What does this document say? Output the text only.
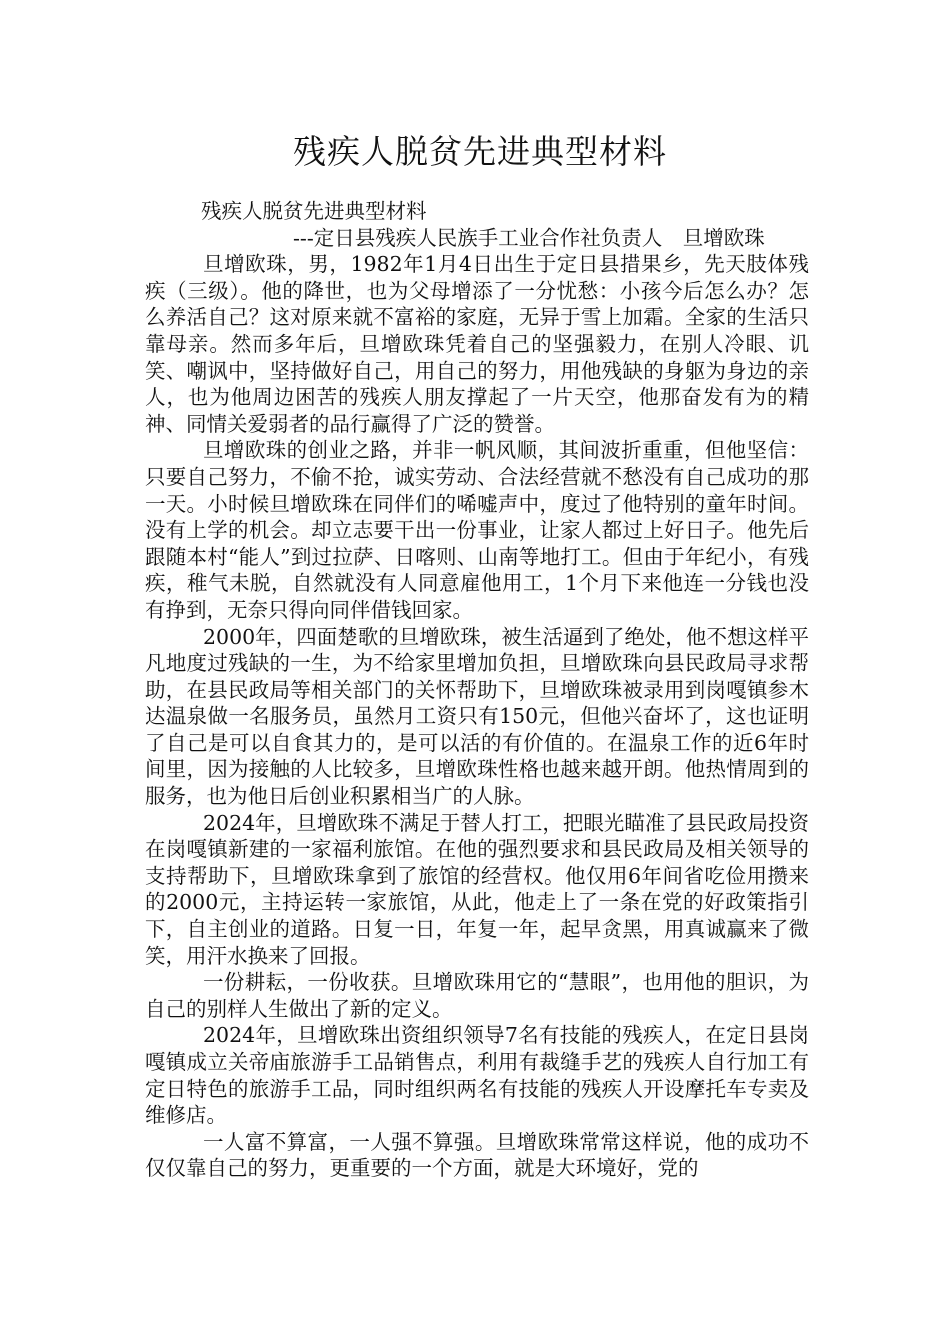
残疾人脱贫先进典型材料

残疾人脱贫先进典型材料

---定日县残疾人民族手工业合作社负责人　旦增欧珠

旦增欧珠，男，1982年1月4日出生于定日县措果乡，先天肢体残疾（三级）。他的降世，也为父母增添了一分忧愁：小孩今后怎么办？怎么养活自己？这对原来就不富裕的家庭，无异于雪上加霜。全家的生活只靠母亲。然而多年后，旦增欧珠凭着自己的坚强毅力，在别人冷眼、讥笑、嘲讽中，坚持做好自己，用自己的努力，用他残缺的身躯为身边的亲人，也为他周边困苦的残疾人朋友撑起了一片天空，他那奋发有为的精神、同情关爱弱者的品行赢得了广泛的赞誉。

旦增欧珠的创业之路，并非一帆风顺，其间波折重重，但他坚信：只要自己努力，不偷不抢，诚实劳动、合法经营就不愁没有自己成功的那一天。小时候旦增欧珠在同伴们的唏嘘声中，度过了他特别的童年时间。没有上学的机会。却立志要干出一份事业，让家人都过上好日子。他先后跟随本村“能人”到过拉萨、日喀则、山南等地打工。但由于年纪小，有残疾，稚气未脱，自然就没有人同意雇他用工，1个月下来他连一分钱也没有挣到，无奈只得向同伴借钱回家。

2000年，四面楚歌的旦增欧珠，被生活逼到了绝处，他不想这样平凡地度过残缺的一生，为不给家里增加负担，旦增欧珠向县民政局寻求帮助，在县民政局等相关部门的关怀帮助下，旦增欧珠被录用到岗嘎镇参木达温泉做一名服务员，虽然月工资只有150元，但他兴奋坏了，这也证明了自己是可以自食其力的，是可以活的有价值的。在温泉工作的近6年时间里，因为接触的人比较多，旦增欧珠性格也越来越开朗。他热情周到的服务，也为他日后创业积累相当广的人脉。

2024年，旦增欧珠不满足于替人打工，把眼光瞄准了县民政局投资在岗嘎镇新建的一家福利旅馆。在他的强烈要求和县民政局及相关领导的支持帮助下，旦增欧珠拿到了旅馆的经营权。他仅用6年间省吃俭用攒来的2000元，主持运转一家旅馆，从此，他走上了一条在党的好政策指引下，自主创业的道路。日复一日，年复一年，起早贪黑，用真诚赢来了微笑，用汗水换来了回报。

一份耕耘，一份收获。旦增欧珠用它的“慧眼”，也用他的胆识，为自己的别样人生做出了新的定义。

2024年，旦增欧珠出资组织领导7名有技能的残疾人，在定日县岗嘎镇成立关帝庙旅游手工品销售点，利用有裁缝手艺的残疾人自行加工有定日特色的旅游手工品，同时组织两名有技能的残疾人开设摩托车专卖及维修店。

一人富不算富，一人强不算强。旦增欧珠常常这样说，他的成功不仅仅靠自己的努力，更重要的一个方面，就是大环境好，党的
